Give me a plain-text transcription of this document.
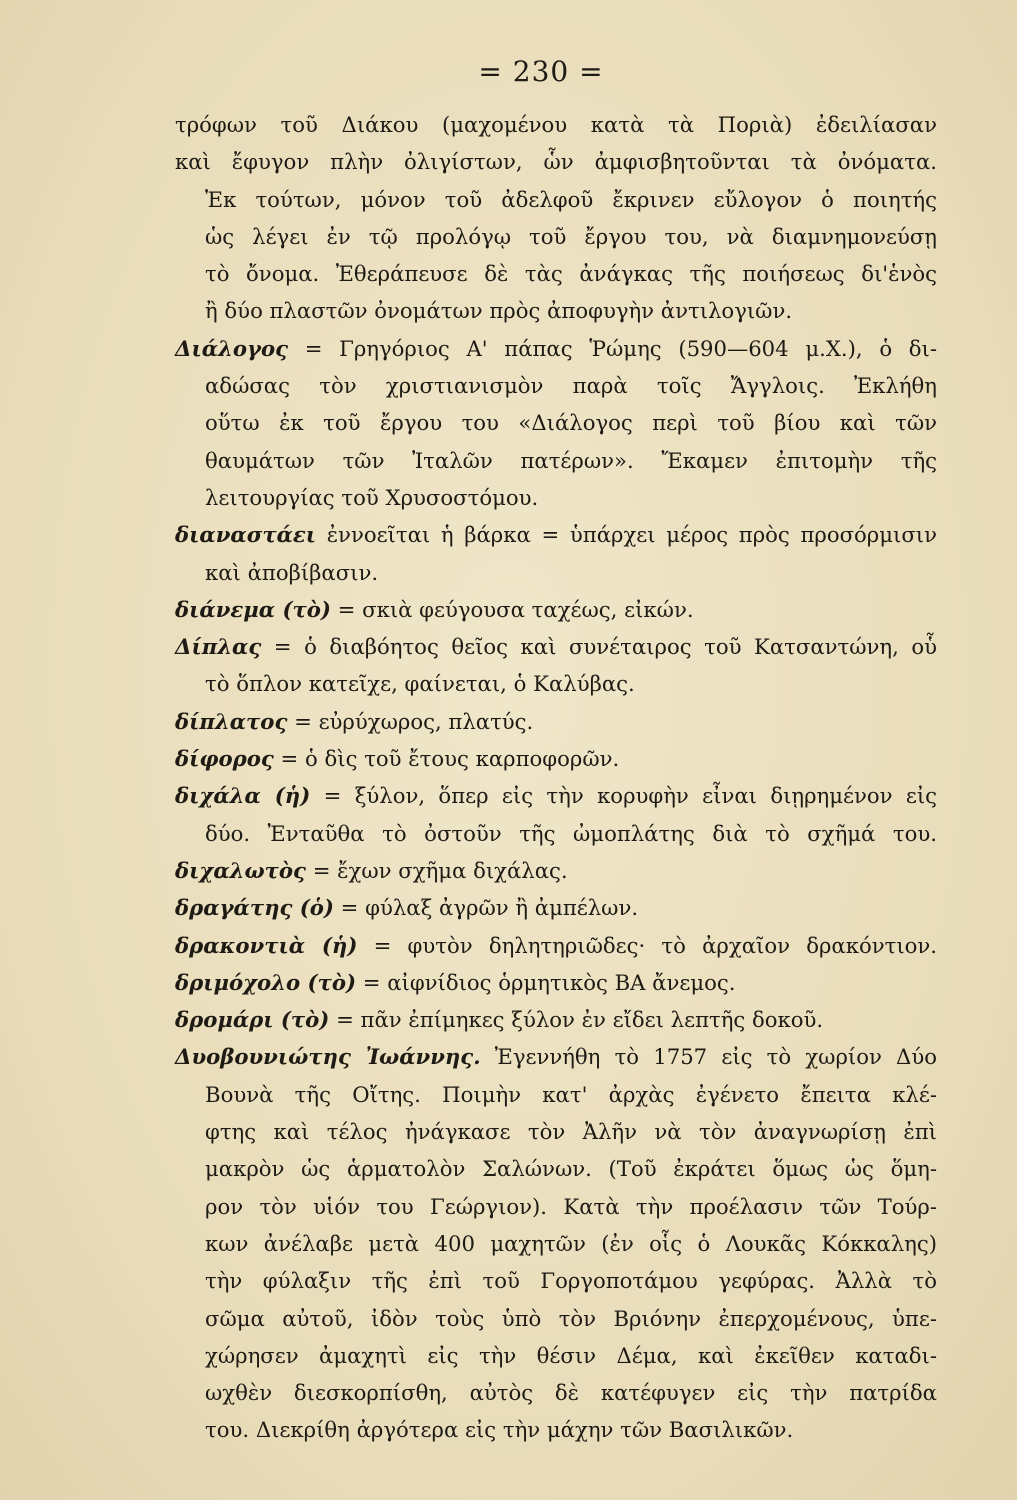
= 230 =
τρόφων τοῦ Διάκου (μαχομένου κατὰ τὰ Ποριὰ) ἐδειλίασαν
καὶ ἔφυγον πλὴν ὀλιγίστων, ὧν ἀμφισβητοῦνται τὰ ὀνόματα.
Ἐκ τούτων, μόνον τοῦ ἀδελφοῦ ἔκρινεν εὔλογον ὁ ποιητής
ὡς λέγει ἐν τῷ προλόγῳ τοῦ ἔργου του, νὰ διαμνημονεύσῃ
τὸ ὄνομα. Ἐθεράπευσε δὲ τὰς ἀνάγκας τῆς ποιήσεως δι'ἑνὸς
ἢ δύο πλαστῶν ὀνομάτων πρὸς ἀποφυγὴν ἀντιλογιῶν.
Διάλογος = Γρηγόριος Α' πάπας Ῥώμης (590—604 μ.Χ.), ὁ δι-
αδώσας τὸν χριστιανισμὸν παρὰ τοῖς Ἄγγλοις. Ἐκλήθη
οὕτω ἐκ τοῦ ἔργου του «Διάλογος περὶ τοῦ βίου καὶ τῶν
θαυμάτων τῶν Ἰταλῶν πατέρων». Ἔκαμεν ἐπιτομὴν τῆς
λειτουργίας τοῦ Χρυσοστόμου.
διαναστάει ἐννοεῖται ἡ βάρκα = ὑπάρχει μέρος πρὸς προσόρμισιν
καὶ ἀποβίβασιν.
διάνεμα (τὸ) = σκιὰ φεύγουσα ταχέως, εἰκών.
Δίπλας = ὁ διαβόητος θεῖος καὶ συνέταιρος τοῦ Κατσαντώνη, οὗ
τὸ ὅπλον κατεῖχε, φαίνεται, ὁ Καλύβας.
δίπλατος = εὐρύχωρος, πλατύς.
δίφορος = ὁ δὶς τοῦ ἔτους καρποφορῶν.
διχάλα (ἡ) = ξύλον, ὅπερ εἰς τὴν κορυφὴν εἶναι διῃρημένον εἰς
δύο. Ἐνταῦθα τὸ ὀστοῦν τῆς ὠμοπλάτης διὰ τὸ σχῆμά του.
διχαλωτὸς = ἔχων σχῆμα διχάλας.
δραγάτης (ὁ) = φύλαξ ἀγρῶν ἢ ἀμπέλων.
δρακοντιὰ (ἡ) = φυτὸν δηλητηριῶδες· τὸ ἀρχαῖον δρακόντιον.
δριμόχολο (τὸ) = αἰφνίδιος ὁρμητικὸς ΒΑ ἄνεμος.
δρομάρι (τὸ) = πᾶν ἐπίμηκες ξύλον ἐν εἴδει λεπτῆς δοκοῦ.
Δυοβουνιώτης Ἰωάννης. Ἐγεννήθη τὸ 1757 εἰς τὸ χωρίον Δύο
Βουνὰ τῆς Οἴτης. Ποιμὴν κατ' ἀρχὰς ἐγένετο ἔπειτα κλέ-
φτης καὶ τέλος ἠνάγκασε τὸν Ἀλῆν νὰ τὸν ἀναγνωρίσῃ ἐπὶ
μακρὸν ὡς ἁρματολὸν Σαλώνων. (Τοῦ ἐκράτει ὅμως ὡς ὅμη-
ρον τὸν υἱόν του Γεώργιον). Κατὰ τὴν προέλασιν τῶν Τούρ-
κων ἀνέλαβε μετὰ 400 μαχητῶν (ἐν οἷς ὁ Λουκᾶς Κόκκαλης)
τὴν φύλαξιν τῆς ἐπὶ τοῦ Γοργοποτάμου γεφύρας. Ἀλλὰ τὸ
σῶμα αὐτοῦ, ἰδὸν τοὺς ὑπὸ τὸν Βριόνην ἐπερχομένους, ὑπε-
χώρησεν ἀμαχητὶ εἰς τὴν θέσιν Δέμα, καὶ ἐκεῖθεν καταδι-
ωχθὲν διεσκορπίσθη, αὐτὸς δὲ κατέφυγεν εἰς τὴν πατρίδα
του. Διεκρίθη ἀργότερα εἰς τὴν μάχην τῶν Βασιλικῶν.
